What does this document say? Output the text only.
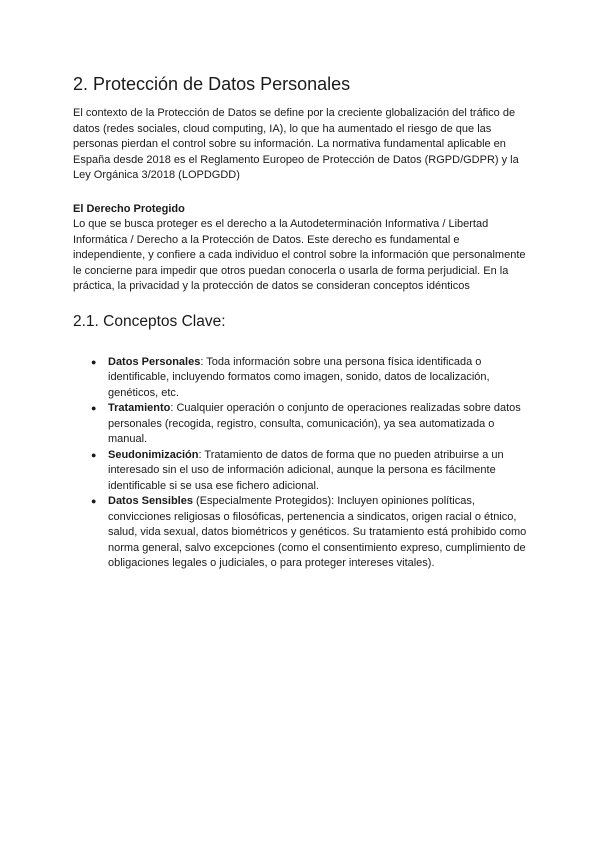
2. Protección de Datos Personales

El contexto de la Protección de Datos se define por la creciente globalización del tráfico de datos (redes sociales, cloud computing, IA), lo que ha aumentado el riesgo de que las personas pierdan el control sobre su información. La normativa fundamental aplicable en España desde 2018 es el Reglamento Europeo de Protección de Datos (RGPD/GDPR) y la Ley Orgánica 3/2018 (LOPDGDD)

El Derecho Protegido
Lo que se busca proteger es el derecho a la Autodeterminación Informativa / Libertad Informática / Derecho a la Protección de Datos. Este derecho es fundamental e independiente, y confiere a cada individuo el control sobre la información que personalmente le concierne para impedir que otros puedan conocerla o usarla de forma perjudicial. En la práctica, la privacidad y la protección de datos se consideran conceptos idénticos

2.1. Conceptos Clave:
● Datos Personales: Toda información sobre una persona física identificada o identificable, incluyendo formatos como imagen, sonido, datos de localización, genéticos, etc.
● Tratamiento: Cualquier operación o conjunto de operaciones realizadas sobre datos personales (recogida, registro, consulta, comunicación), ya sea automatizada o manual.
● Seudonimización: Tratamiento de datos de forma que no pueden atribuirse a un interesado sin el uso de información adicional, aunque la persona es fácilmente identificable si se usa ese fichero adicional.
● Datos Sensibles (Especialmente Protegidos): Incluyen opiniones políticas, convicciones religiosas o filosóficas, pertenencia a sindicatos, origen racial o étnico, salud, vida sexual, datos biométricos y genéticos. Su tratamiento está prohibido como norma general, salvo excepciones (como el consentimiento expreso, cumplimiento de obligaciones legales o judiciales, o para proteger intereses vitales).
